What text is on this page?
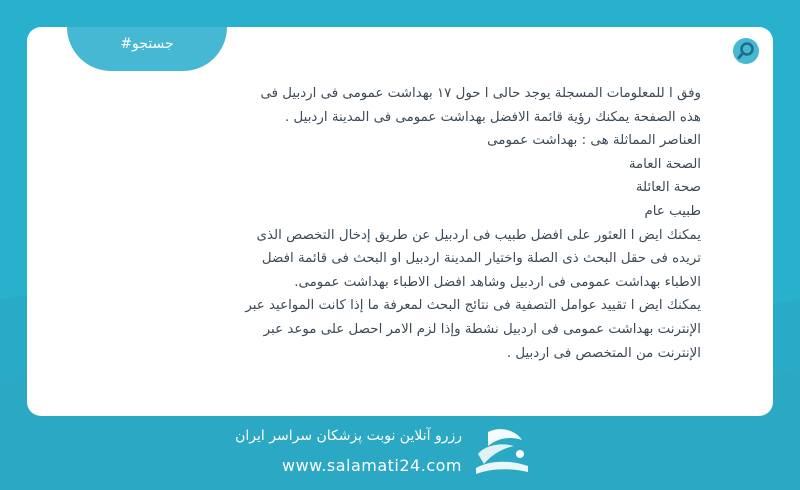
#جستجو

وفق ا للمعلومات المسجلة يوجد حالی ا حول ١٧ بهداشت عمومی فی اردبیل فی هذه الصفحة یمكنك رؤیة قائمة الافضل بهداشت عمومی فی المدینة اردبیل .

العناصر المماثلة هی : بهداشت عمومی

الصحة العامة

صحة العائلة

طبیب عام

یمكنك ایض ا العثور علی افضل طبیب فی اردبیل عن طریق إدخال التخصص الذی تریده فی حقل البحث ذی الصلة واختیار المدینة اردبیل او البحث فی قائمة افضل الاطباء بهداشت عمومی فی اردبیل وشاهد افضل الاطباء بهداشت عمومی.

یمكنك ایض ا تقیید عوامل التصفیة فی نتائج البحث لمعرفة ما إذا كانت المواعید عبر الإنترنت بهداشت عمومی فی اردبیل نشطة وإذا لزم الامر احصل علی موعد عبر الإنترنت من المتخصص فی اردبیل .

رزرو آنلاین نوبت پزشکان سراسر ایران
www.salamati24.com
